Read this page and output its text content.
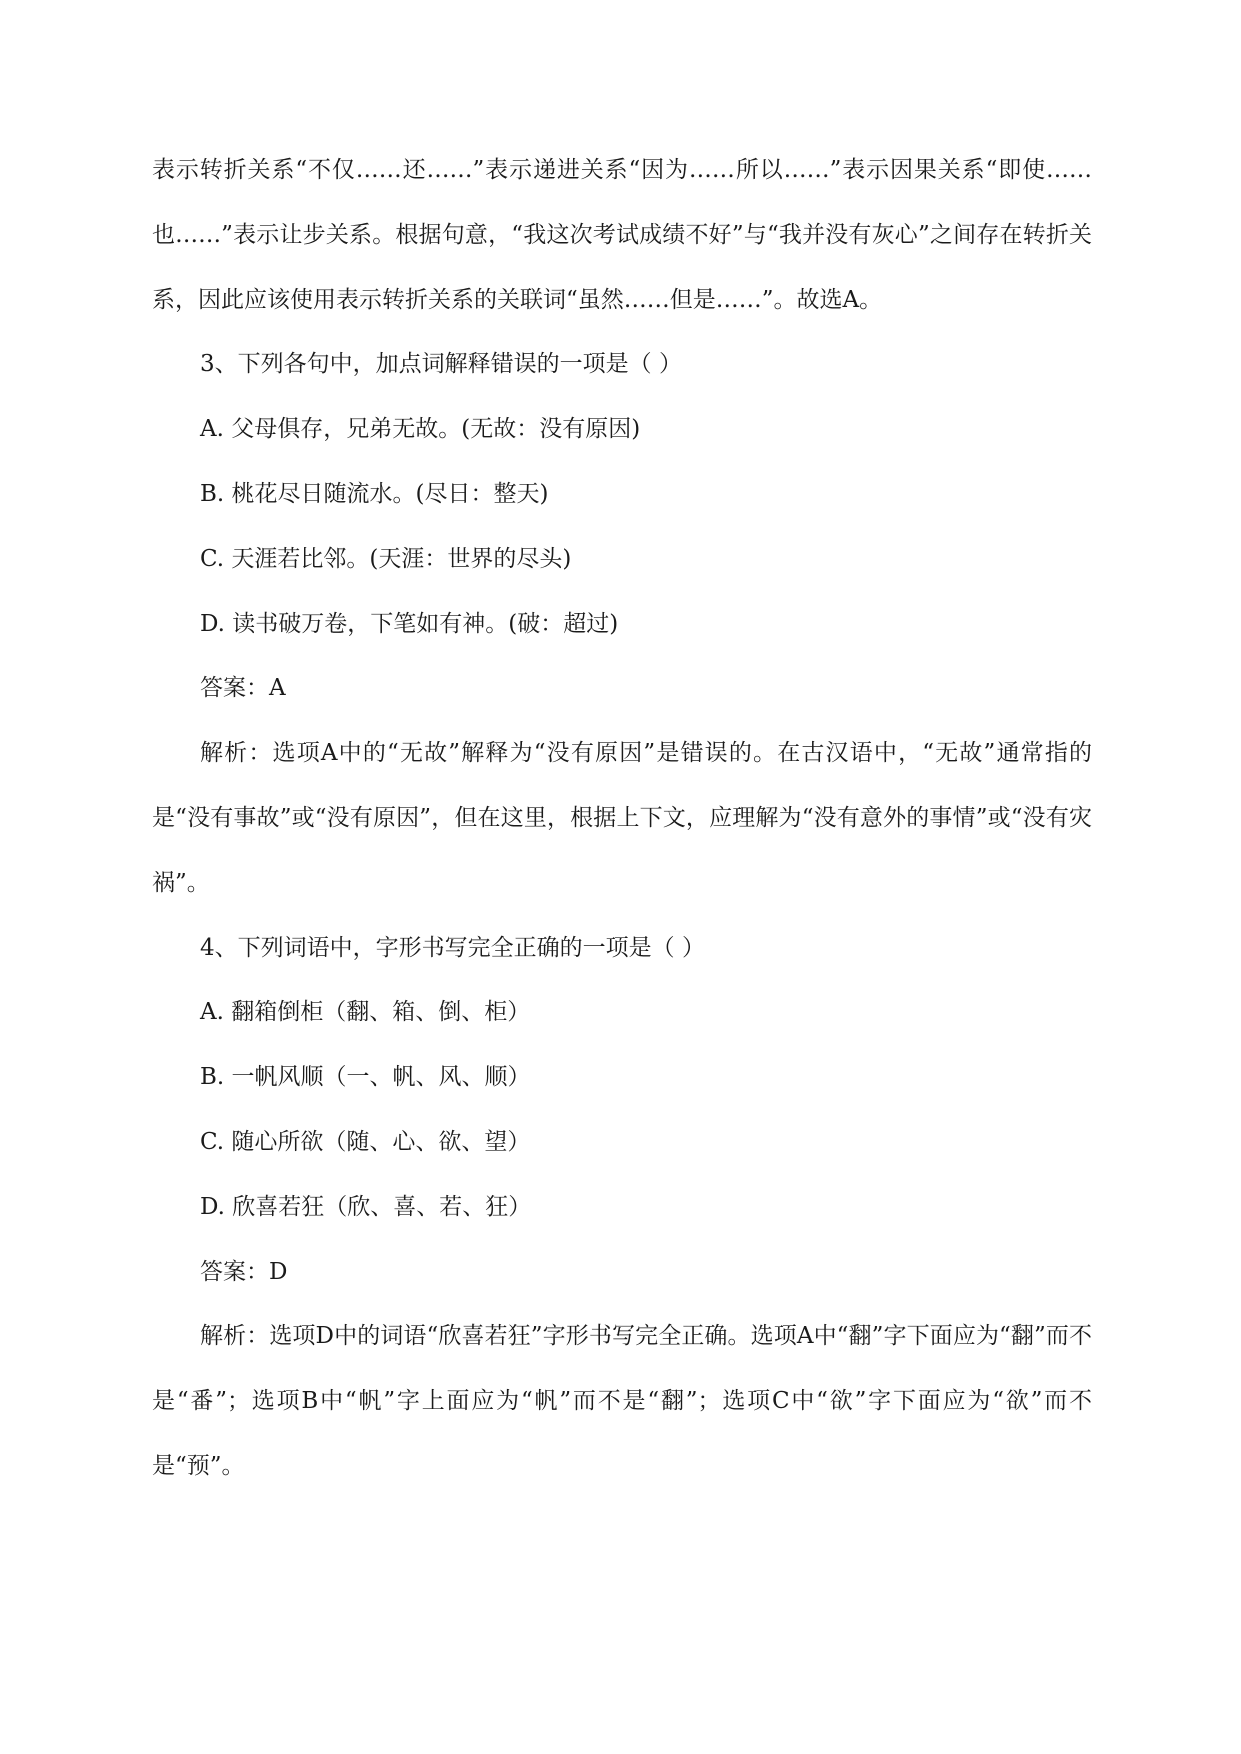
表示转折关系“不仅……还……”表示递进关系“因为……所以……”表示因果关系“即使……也……”表示让步关系。根据句意，“我这次考试成绩不好”与“我并没有灰心”之间存在转折关系，因此应该使用表示转折关系的关联词“虽然……但是……”。故选A。

3、下列各句中，加点词解释错误的一项是（ ）

A. 父母俱存，兄弟无故。(无故：没有原因)

B. 桃花尽日随流水。(尽日：整天)

C. 天涯若比邻。(天涯：世界的尽头)

D. 读书破万卷，下笔如有神。(破：超过)

答案：A

解析：选项A中的“无故”解释为“没有原因”是错误的。在古汉语中，“无故”通常指的是“没有事故”或“没有原因”，但在这里，根据上下文，应理解为“没有意外的事情”或“没有灾祸”。

4、下列词语中，字形书写完全正确的一项是（ ）

A. 翻箱倒柜（翻、箱、倒、柜）

B. 一帆风顺（一、帆、风、顺）

C. 随心所欲（随、心、欲、望）

D. 欣喜若狂（欣、喜、若、狂）

答案：D

解析：选项D中的词语“欣喜若狂”字形书写完全正确。选项A中“翻”字下面应为“翻”而不是“番”；选项B中“帆”字上面应为“帆”而不是“翻”；选项C中“欲”字下面应为“欲”而不是“预”。
